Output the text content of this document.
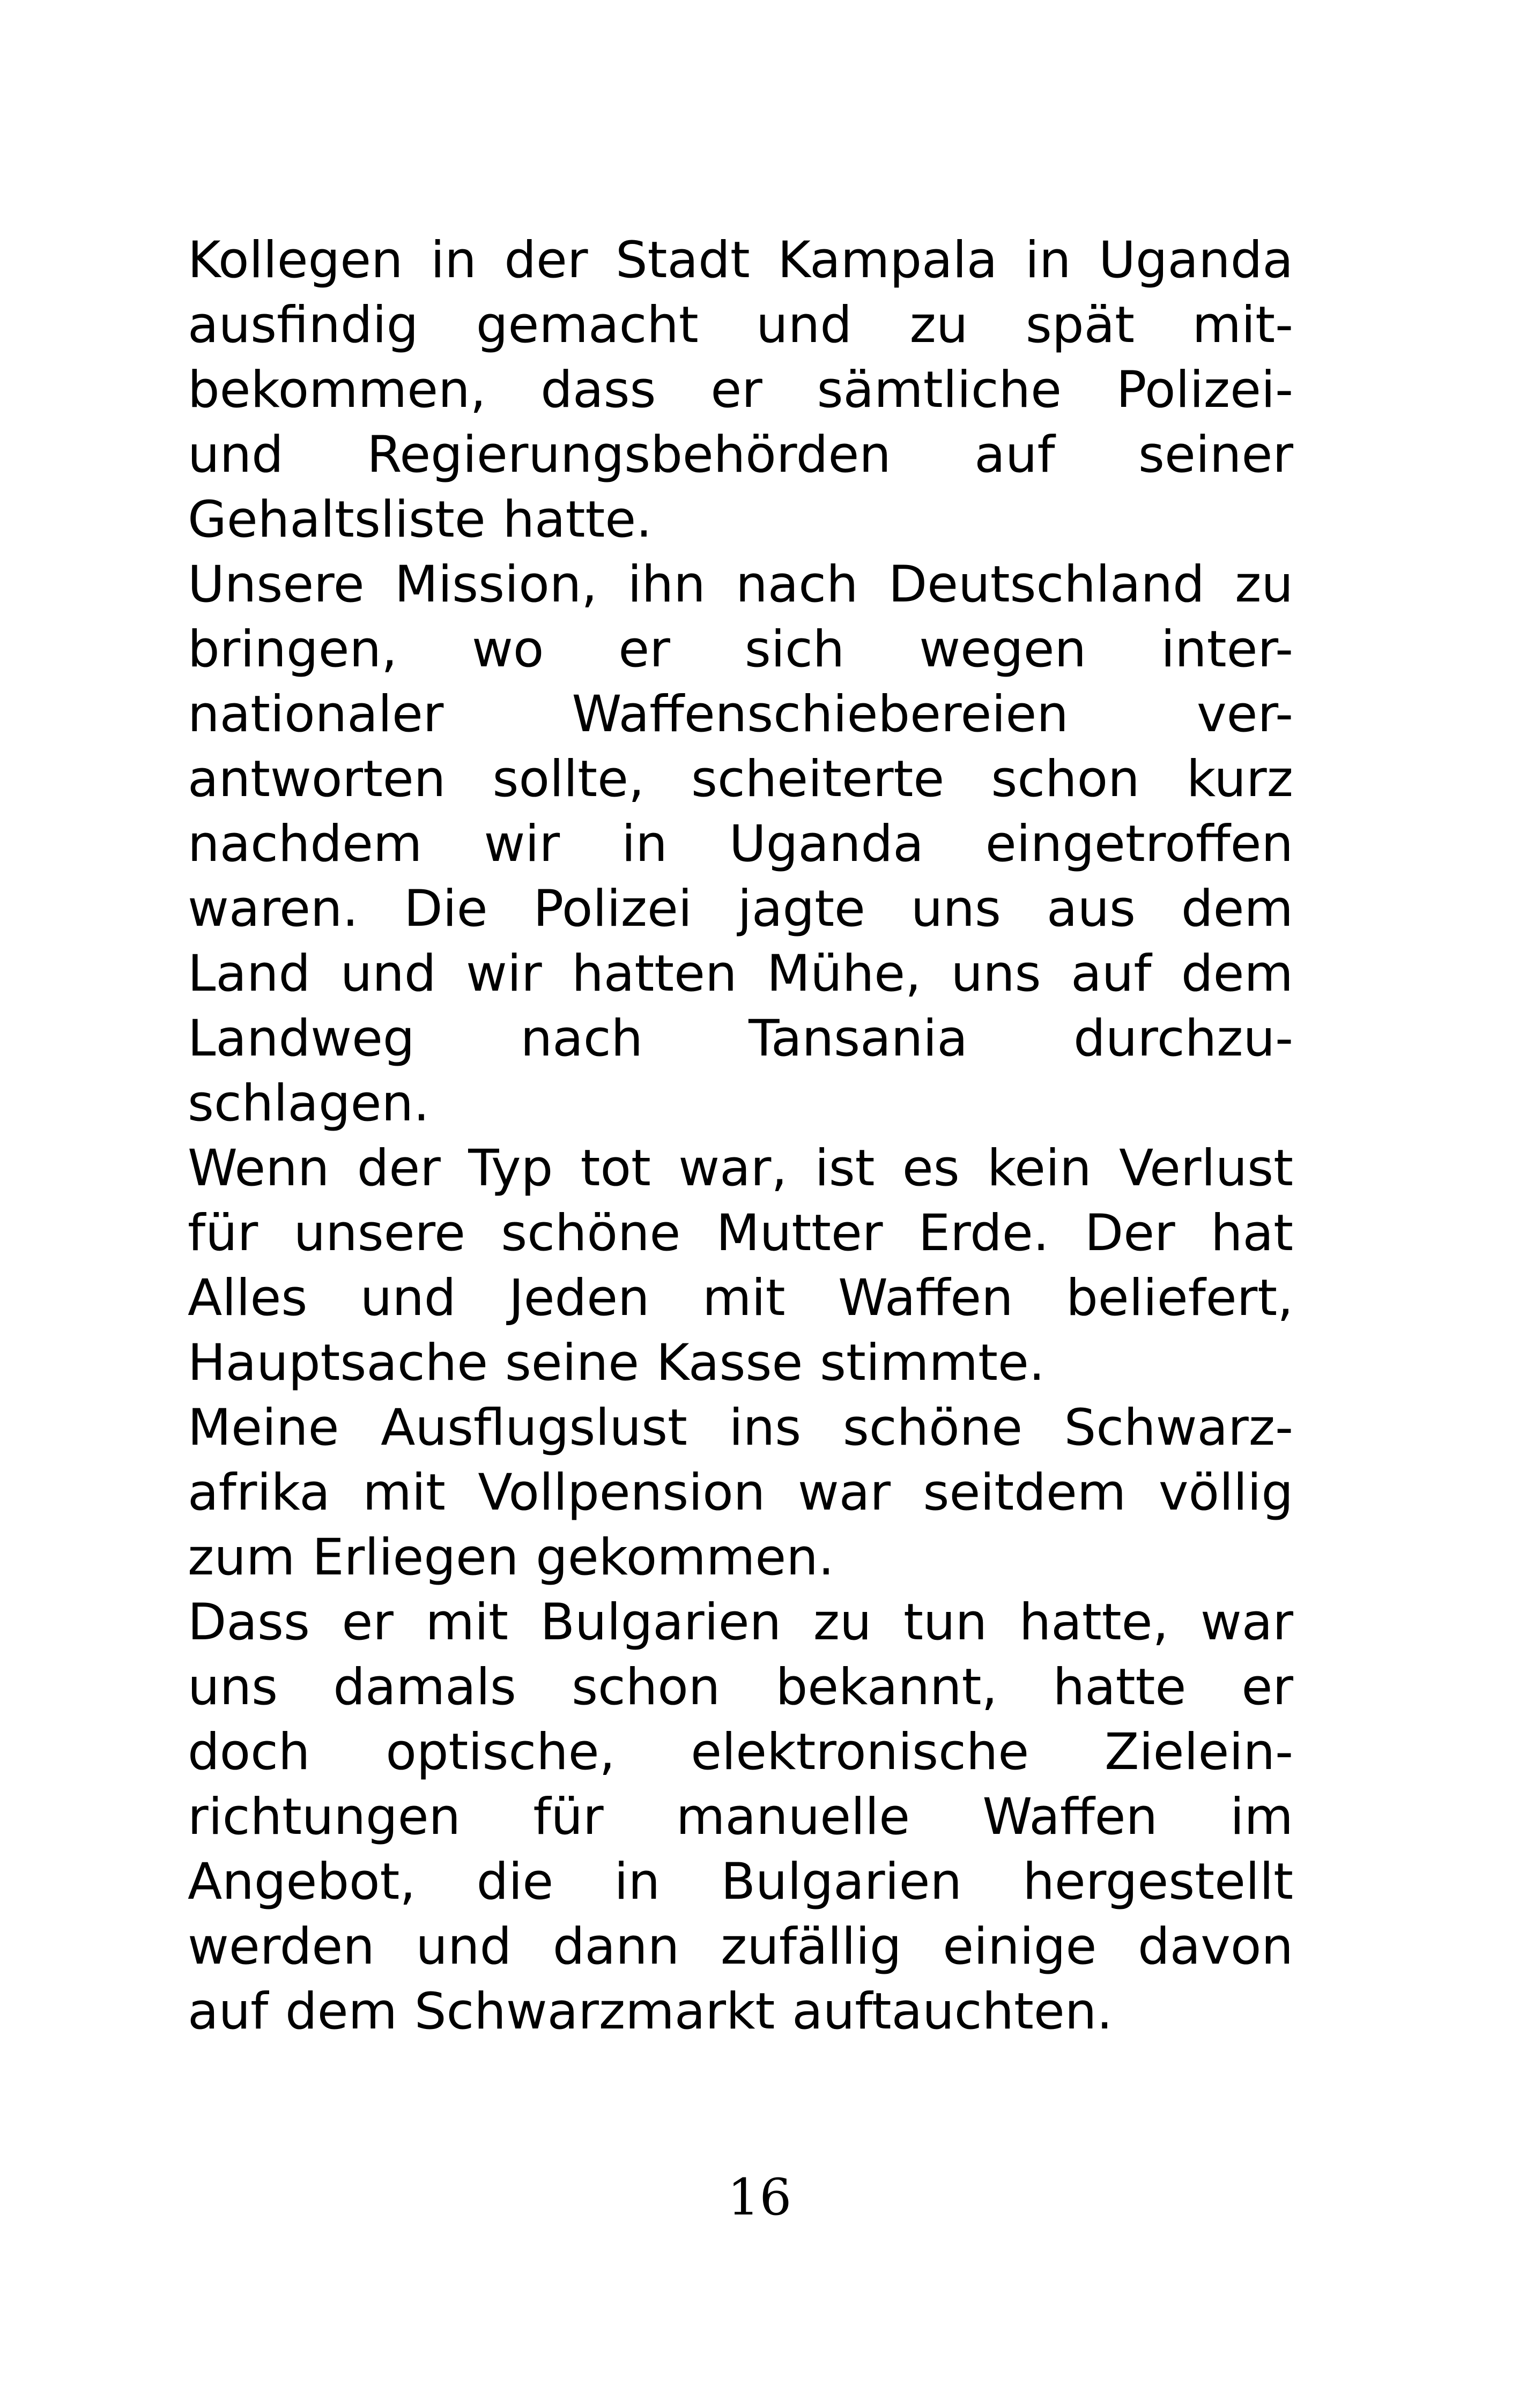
Kollegen in der Stadt Kampala in Uganda
ausfindig gemacht und zu spät mit-
bekommen, dass er sämtliche Polizei-
und Regierungsbehörden auf seiner
Gehaltsliste hatte.
Unsere Mission, ihn nach Deutschland zu
bringen, wo er sich wegen inter-
nationaler Waffenschiebereien ver-
antworten sollte, scheiterte schon kurz
nachdem wir in Uganda eingetroffen
waren. Die Polizei jagte uns aus dem
Land und wir hatten Mühe, uns auf dem
Landweg nach Tansania durchzu-
schlagen.
Wenn der Typ tot war, ist es kein Verlust
für unsere schöne Mutter Erde. Der hat
Alles und Jeden mit Waffen beliefert,
Hauptsache seine Kasse stimmte.
Meine Ausflugslust ins schöne Schwarz-
afrika mit Vollpension war seitdem völlig
zum Erliegen gekommen.
Dass er mit Bulgarien zu tun hatte, war
uns damals schon bekannt, hatte er
doch optische, elektronische Zielein-
richtungen für manuelle Waffen im
Angebot, die in Bulgarien hergestellt
werden und dann zufällig einige davon
auf dem Schwarzmarkt auftauchten.
16
